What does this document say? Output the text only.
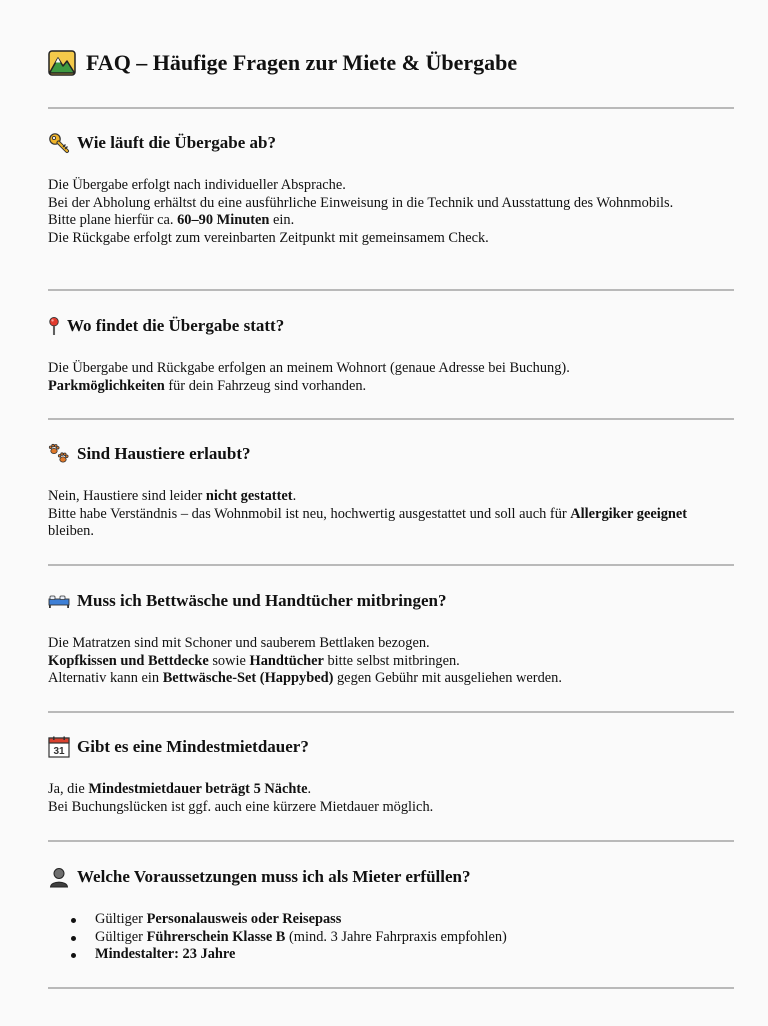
FAQ – Häufige Fragen zur Miete & Übergabe
Wie läuft die Übergabe ab?

Die Übergabe erfolgt nach individueller Absprache.

Bei der Abholung erhältst du eine ausführliche Einweisung in die Technik und Ausstattung des Wohnmobils.

Bitte plane hierfür ca. 60–90 Minuten ein.

Die Rückgabe erfolgt zum vereinbarten Zeitpunkt mit gemeinsamem Check.

Wo findet die Übergabe statt?

Die Übergabe und Rückgabe erfolgen an meinem Wohnort (genaue Adresse bei Buchung).

Parkmöglichkeiten für dein Fahrzeug sind vorhanden.

Sind Haustiere erlaubt?

Nein, Haustiere sind leider nicht gestattet.

Bitte habe Verständnis – das Wohnmobil ist neu, hochwertig ausgestattet und soll auch für Allergiker geeignet bleiben.

Muss ich Bettwäsche und Handtücher mitbringen?

Die Matratzen sind mit Schoner und sauberem Bettlaken bezogen.

Kopfkissen und Bettdecke sowie Handtücher bitte selbst mitbringen.

Alternativ kann ein Bettwäsche-Set (Happybed) gegen Gebühr mit ausgeliehen werden.

31 Gibt es eine Mindestmietdauer?

Ja, die Mindestmietdauer beträgt 5 Nächte.

Bei Buchungslücken ist ggf. auch eine kürzere Mietdauer möglich.

Welche Voraussetzungen muss ich als Mieter erfüllen?
Gültiger Personalausweis oder Reisepass
Gültiger Führerschein Klasse B (mind. 3 Jahre Fahrpraxis empfohlen)
Mindestalter: 23 Jahre
